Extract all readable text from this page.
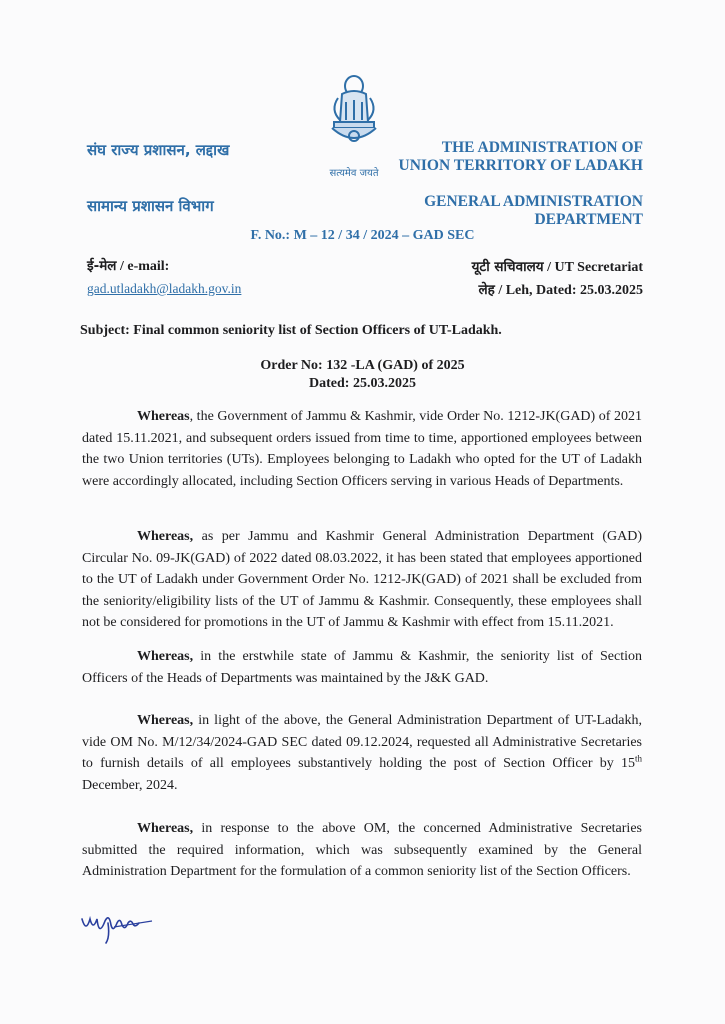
संघ राज्य प्रशासन, लद्दाख
सामान्य प्रशासन विभाग
सत्यमेव जयते
THE ADMINISTRATION OF
UNION TERRITORY OF LADAKH
GENERAL ADMINISTRATION
DEPARTMENT
F. No.: M – 12 / 34 / 2024 – GAD SEC
ई-मेल / e-mail:
gad.utladakh@ladakh.gov.in
यूटी सचिवालय / UT Secretariat
लेह / Leh, Dated: 25.03.2025
Subject: Final common seniority list of Section Officers of UT-Ladakh.
Order No: 132 -LA (GAD) of 2025
Dated: 25.03.2025

Whereas, the Government of Jammu & Kashmir, vide Order No. 1212-JK(GAD) of 2021 dated 15.11.2021, and subsequent orders issued from time to time, apportioned employees between the two Union territories (UTs). Employees belonging to Ladakh who opted for the UT of Ladakh were accordingly allocated, including Section Officers serving in various Heads of Departments.

Whereas, as per Jammu and Kashmir General Administration Department (GAD) Circular No. 09-JK(GAD) of 2022 dated 08.03.2022, it has been stated that employees apportioned to the UT of Ladakh under Government Order No. 1212-JK(GAD) of 2021 shall be excluded from the seniority/eligibility lists of the UT of Jammu & Kashmir. Consequently, these employees shall not be considered for promotions in the UT of Jammu & Kashmir with effect from 15.11.2021.

Whereas, in the erstwhile state of Jammu & Kashmir, the seniority list of Section Officers of the Heads of Departments was maintained by the J&K GAD.

Whereas, in light of the above, the General Administration Department of UT-Ladakh, vide OM No. M/12/34/2024-GAD SEC dated 09.12.2024, requested all Administrative Secretaries to furnish details of all employees substantively holding the post of Section Officer by 15th December, 2024.

Whereas, in response to the above OM, the concerned Administrative Secretaries submitted the required information, which was subsequently examined by the General Administration Department for the formulation of a common seniority list of the Section Officers.
